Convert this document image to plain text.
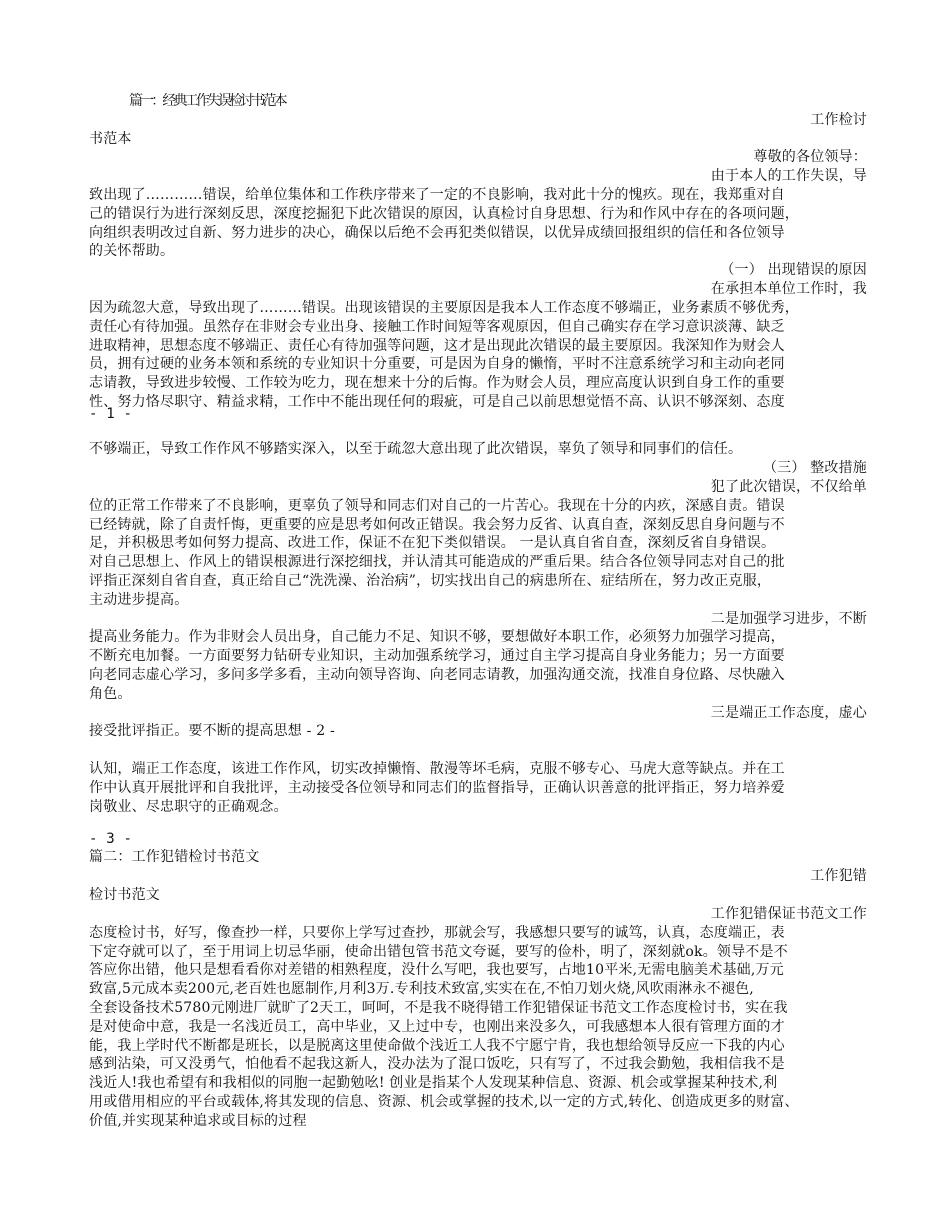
篇一：经典工作失误检讨书范本
工作检讨
书范本
尊敬的各位领导：
由于本人的工作失误，导
致出现了…………错误，给单位集体和工作秩序带来了一定的不良影响，我对此十分的愧疚。现在，我郑重对自
己的错误行为进行深刻反思，深度挖掘犯下此次错误的原因，认真检讨自身思想、行为和作风中存在的各项问题，
向组织表明改过自新、努力进步的决心，确保以后绝不会再犯类似错误，以优异成绩回报组织的信任和各位领导
的关怀帮助。
（一） 出现错误的原因
在承担本单位工作时，我
因为疏忽大意，导致出现了………错误。出现该错误的主要原因是我本人工作态度不够端正，业务素质不够优秀，
责任心有待加强。虽然存在非财会专业出身、接触工作时间短等客观原因，但自己确实存在学习意识淡薄、缺乏
进取精神，思想态度不够端正、责任心有待加强等问题，这才是出现此次错误的最主要原因。我深知作为财会人
员，拥有过硬的业务本领和系统的专业知识十分重要，可是因为自身的懒惰，平时不注意系统学习和主动向老同
志请教，导致进步较慢、工作较为吃力，现在想来十分的后悔。作为财会人员，理应高度认识到自身工作的重要
性、努力恪尽职守、精益求精，工作中不能出现任何的瑕疵，可是自己以前思想觉悟不高、认识不够深刻、态度
- 1 -
不够端正，导致工作作风不够踏实深入，以至于疏忽大意出现了此次错误，辜负了领导和同事们的信任。
（三） 整改措施
犯了此次错误，不仅给单
位的正常工作带来了不良影响，更辜负了领导和同志们对自己的一片苦心。我现在十分的内疚，深感自责。错误
已经铸就，除了自责忏悔，更重要的应是思考如何改正错误。我会努力反省、认真自查，深刻反思自身问题与不
足，并积极思考如何努力提高、改进工作，保证不在犯下类似错误。 一是认真自省自查，深刻反省自身错误。
对自己思想上、作风上的错误根源进行深挖细找，并认清其可能造成的严重后果。结合各位领导同志对自己的批
评指正深刻自省自查，真正给自己“洗洗澡、治治病”，切实找出自己的病患所在、症结所在，努力改正克服，
主动进步提高。
二是加强学习进步，不断
提高业务能力。作为非财会人员出身，自己能力不足、知识不够，要想做好本职工作，必须努力加强学习提高，
不断充电加餐。一方面要努力钻研专业知识，主动加强系统学习，通过自主学习提高自身业务能力；另一方面要
向老同志虚心学习，多问多学多看，主动向领导咨询、向老同志请教，加强沟通交流，找准自身位路、尽快融入
角色。
三是端正工作态度，虚心
接受批评指正。要不断的提高思想 - 2 -
认知，端正工作态度，该进工作作风，切实改掉懒惰、散漫等坏毛病，克服不够专心、马虎大意等缺点。并在工
作中认真开展批评和自我批评，主动接受各位领导和同志们的监督指导，正确认识善意的批评指正，努力培养爱
岗敬业、尽忠职守的正确观念。
- 3 -
篇二：工作犯错检讨书范文
工作犯错
检讨书范文
工作犯错保证书范文工作
态度检讨书，好写，像查抄一样，只要你上学写过查抄，那就会写，我感想只要写的诚笃，认真，态度端正，表
下定夺就可以了，至于用词上切忌华丽，使命出错包管书范文夸诞，要写的俭朴，明了，深刻就ok。领导不是不
答应你出错，他只是想看看你对差错的相熟程度，没什么写吧，我也要写，占地10平米,无需电脑美术基础,万元
致富,5元成本卖200元,老百姓也愿制作,月利3万.专利技术致富,实实在在,不怕刀划火烧,风吹雨淋永不褪色,
全套设备技术5780元刚进厂就旷了2天工，呵呵，不是我不晓得错工作犯错保证书范文工作态度检讨书，实在我
是对使命中意，我是一名浅近员工，高中毕业，又上过中专，也刚出来没多久，可我感想本人很有管理方面的才
能，我上学时代不断都是班长，以是脱离这里使命做个浅近工人我不宁愿宁肯，我也想给领导反应一下我的内心
感到沾染，可又没勇气，怕他看不起我这新人，没办法为了混口饭吃，只有写了，不过我会勤勉，我相信我不是
浅近人!我也希望有和我相似的同胞一起勤勉吆! 创业是指某个人发现某种信息、资源、机会或掌握某种技术,利
用或借用相应的平台或载体,将其发现的信息、资源、机会或掌握的技术,以一定的方式,转化、创造成更多的财富、
价值,并实现某种追求或目标的过程
